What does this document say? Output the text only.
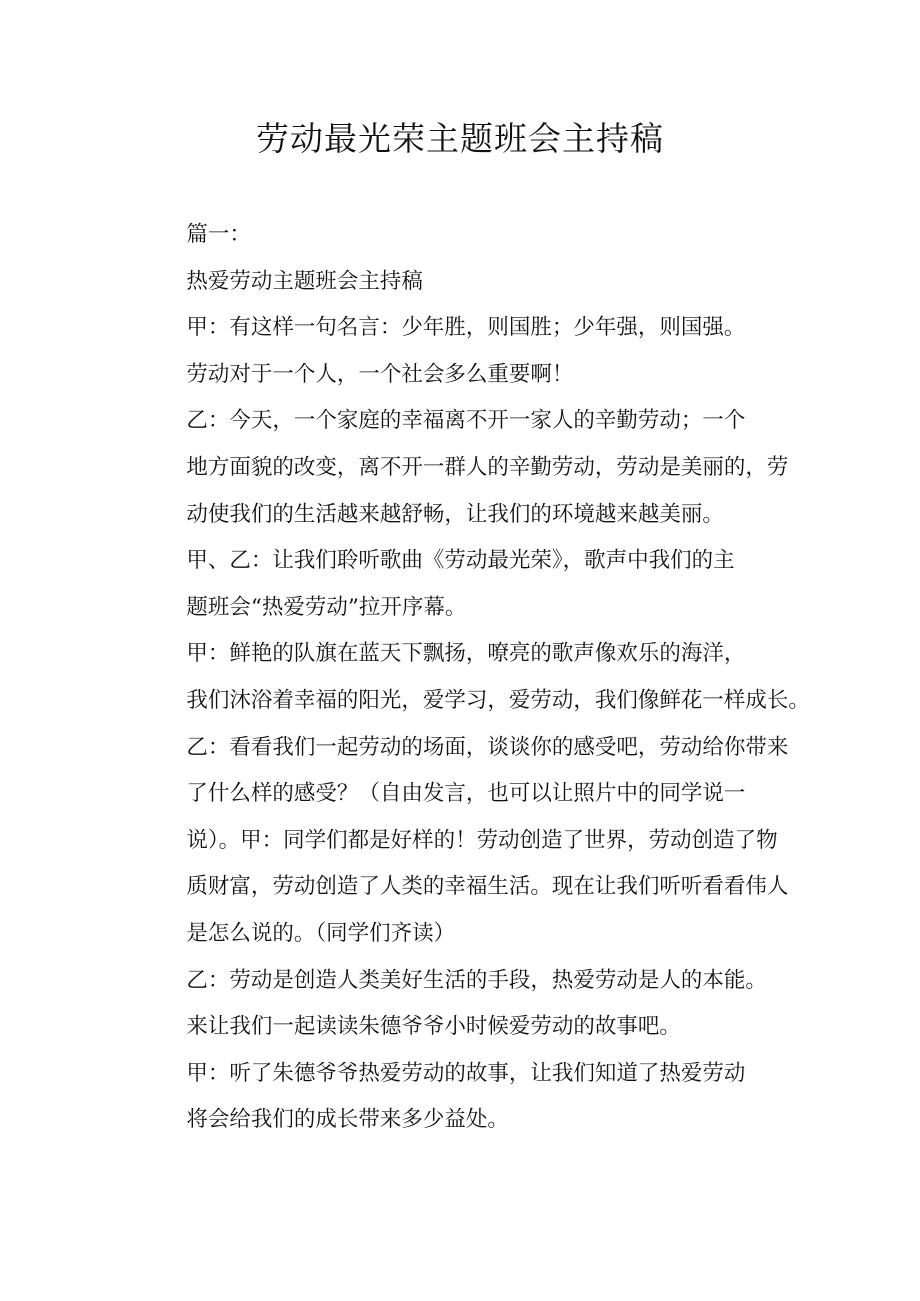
劳动最光荣主题班会主持稿

篇一：

热爱劳动主题班会主持稿

甲：有这样一句名言：少年胜，则国胜；少年强，则国强。
劳动对于一个人，一个社会多么重要啊！

乙：今天，一个家庭的幸福离不开一家人的辛勤劳动；一个
地方面貌的改变，离不开一群人的辛勤劳动，劳动是美丽的，劳
动使我们的生活越来越舒畅，让我们的环境越来越美丽。

甲、乙：让我们聆听歌曲《劳动最光荣》，歌声中我们的主
题班会“热爱劳动”拉开序幕。

甲：鲜艳的队旗在蓝天下飘扬，嘹亮的歌声像欢乐的海洋，
我们沐浴着幸福的阳光，爱学习，爱劳动，我们像鲜花一样成长。
乙：看看我们一起劳动的场面，谈谈你的感受吧，劳动给你带来
了什么样的感受？（自由发言，也可以让照片中的同学说一
说）。甲：同学们都是好样的！劳动创造了世界，劳动创造了物
质财富，劳动创造了人类的幸福生活。现在让我们听听看看伟人
是怎么说的。（同学们齐读）

乙：劳动是创造人类美好生活的手段，热爱劳动是人的本能。
来让我们一起读读朱德爷爷小时候爱劳动的故事吧。

甲：听了朱德爷爷热爱劳动的故事，让我们知道了热爱劳动
将会给我们的成长带来多少益处。
